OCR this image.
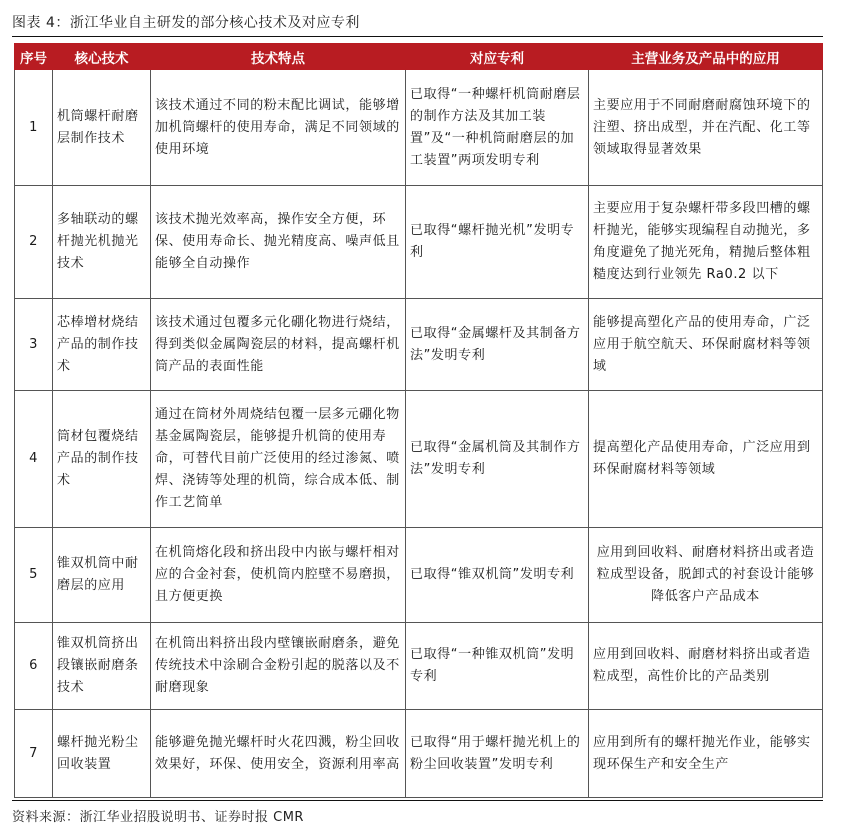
图表 4：浙江华业自主研发的部分核心技术及对应专利
序号	核心技术	技术特点	对应专利	主营业务及产品中的应用
1	机筒螺杆耐磨层制作技术	该技术通过不同的粉末配比调试，能够增加机筒螺杆的使用寿命，满足不同领域的使用环境	已取得“一种螺杆机筒耐磨层的制作方法及其加工装置”及“一种机筒耐磨层的加工装置”两项发明专利	主要应用于不同耐磨耐腐蚀环境下的注塑、挤出成型，并在汽配、化工等领域取得显著效果
2	多轴联动的螺杆抛光机抛光技术	该技术抛光效率高，操作安全方便，环保、使用寿命长、抛光精度高、噪声低且能够全自动操作	已取得“螺杆抛光机”发明专利	主要应用于复杂螺杆带多段凹槽的螺杆抛光，能够实现编程自动抛光，多角度避免了抛光死角，精抛后整体粗糙度达到行业领先 Ra0.2 以下
3	芯棒增材烧结产品的制作技术	该技术通过包覆多元化硼化物进行烧结，得到类似金属陶瓷层的材料，提高螺杆机筒产品的表面性能	已取得“金属螺杆及其制备方法”发明专利	能够提高塑化产品的使用寿命，广泛应用于航空航天、环保耐腐材料等领域
4	筒材包覆烧结产品的制作技术	通过在筒材外周烧结包覆一层多元硼化物基金属陶瓷层，能够提升机筒的使用寿命，可替代目前广泛使用的经过渗氮、喷焊、浇铸等处理的机筒，综合成本低、制作工艺简单	已取得“金属机筒及其制作方法”发明专利	提高塑化产品使用寿命，广泛应用到环保耐腐材料等领域
5	锥双机筒中耐磨层的应用	在机筒熔化段和挤出段中内嵌与螺杆相对应的合金衬套，使机筒内腔壁不易磨损，且方便更换	已取得“锥双机筒”发明专利	应用到回收料、耐磨材料挤出或者造粒成型设备，脱卸式的衬套设计能够降低客户产品成本
6	锥双机筒挤出段镶嵌耐磨条技术	在机筒出料挤出段内壁镶嵌耐磨条，避免传统技术中涂刷合金粉引起的脱落以及不耐磨现象	已取得“一种锥双机筒”发明专利	应用到回收料、耐磨材料挤出或者造粒成型，高性价比的产品类别
7	螺杆抛光粉尘回收装置	能够避免抛光螺杆时火花四溅，粉尘回收效果好，环保、使用安全，资源利用率高	已取得“用于螺杆抛光机上的粉尘回收装置”发明专利	应用到所有的螺杆抛光作业，能够实现环保生产和安全生产
资料来源：浙江华业招股说明书、证券时报 CMR
